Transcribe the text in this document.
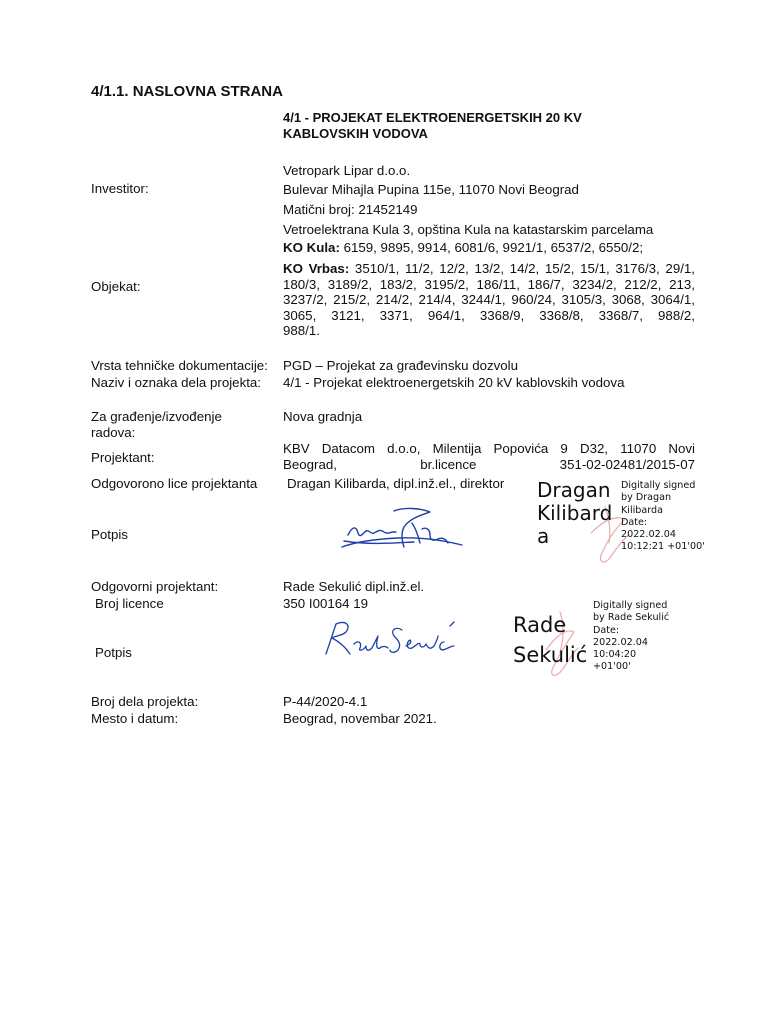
4/1.1. NASLOVNA STRANA
4/1 - PROJEKAT ELEKTROENERGETSKIH 20 KV
KABLOVSKIH VODOVA
Investitor:
Vetropark Lipar d.o.o.
Bulevar Mihajla Pupina 115e, 11070 Novi Beograd
Matični broj: 21452149
Objekat:
Vetroelektrana Kula 3, opština Kula na katastarskim parcelama
KO Kula: 6159, 9895, 9914, 6081/6, 9921/1, 6537/2, 6550/2;
KO Vrbas: 3510/1, 11/2, 12/2, 13/2, 14/2, 15/2, 15/1, 3176/3, 29/1, 180/3, 3189/2, 183/2, 3195/2, 186/11, 186/7, 3234/2, 212/2, 213, 3237/2, 215/2, 214/2, 214/4, 3244/1, 960/24, 3105/3, 3068, 3064/1, 3065, 3121, 3371, 964/1, 3368/9, 3368/8, 3368/7, 988/2,
988/1.
Vrsta tehničke dokumentacije: PGD – Projekat za građevinsku dozvolu
Naziv i oznaka dela projekta: 4/1 - Projekat elektroenergetskih 20 kV kablovskih vodova
Za građenje/izvođenje
radova:
Nova gradnja
Projektant:
KBV Datacom d.o.o, Milentija Popovića 9 D32, 11070 Novi
Beograd, br.licence 351-02-02481/2015-07
Odgovorono lice projektanta Dragan Kilibarda, dipl.inž.el., direktor
Potpis
Dragan
Kilibard
a
Digitally signed
by Dragan
Kilibarda
Date:
2022.02.04
10:12:21 +01'00'
Odgovorni projektant:	Rade Sekulić dipl.inž.el.
Broj licence	350 I00164 19
Potpis
Rade
Sekulić
Digitally signed
by Rade Sekulić
Date:
2022.02.04
10:04:20
+01'00'
Broj dela projekta:	P-44/2020-4.1
Mesto i datum:	Beograd, novembar 2021.
